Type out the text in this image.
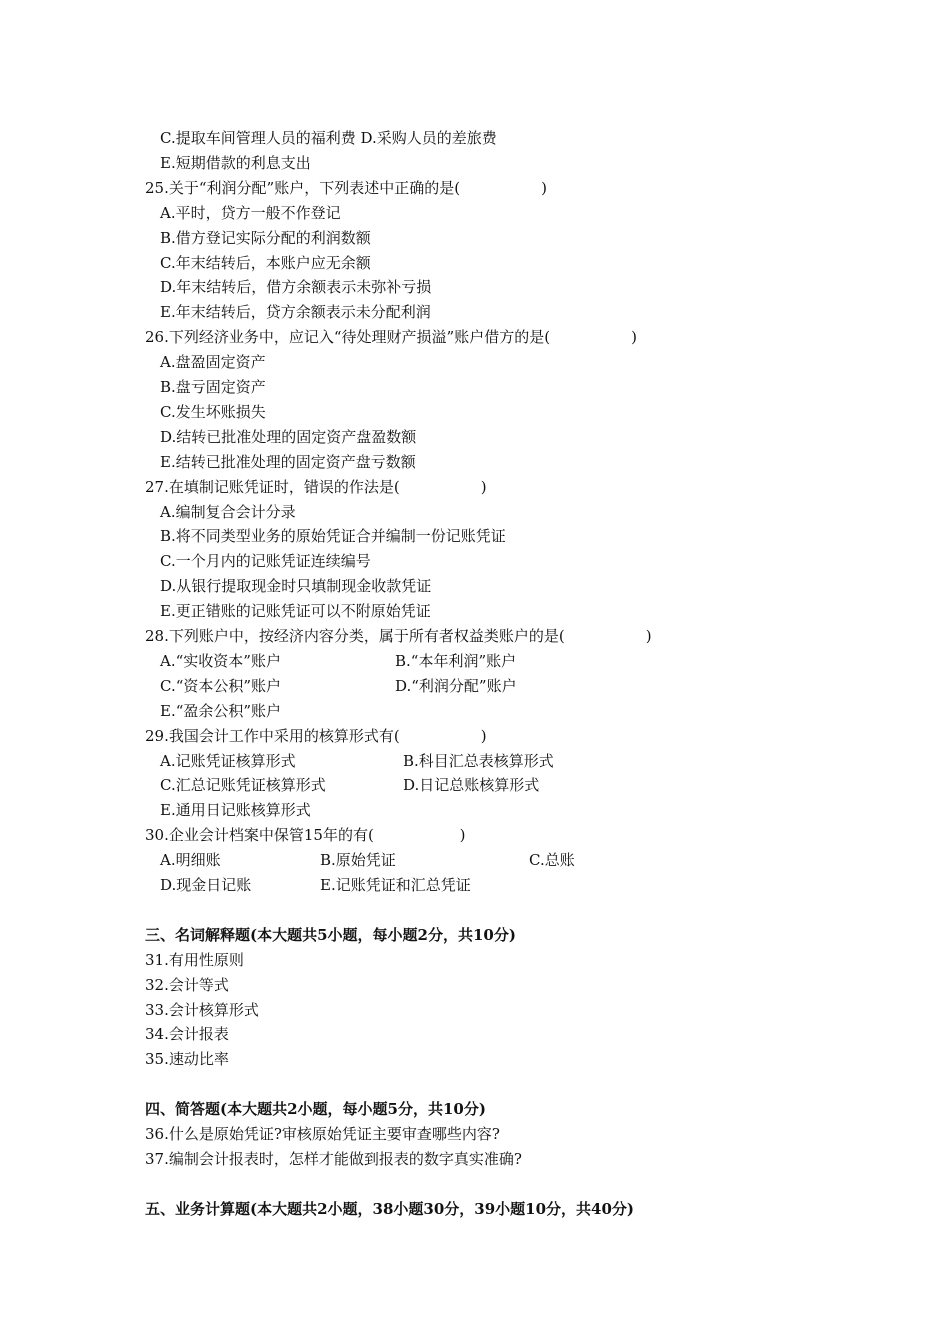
C.提取车间管理人员的福利费 D.采购人员的差旅费
E.短期借款的利息支出
25.关于“利润分配”账户，下列表述中正确的是(                 )
A.平时，贷方一般不作登记
B.借方登记实际分配的利润数额
C.年末结转后，本账户应无余额
D.年末结转后，借方余额表示未弥补亏损
E.年末结转后，贷方余额表示未分配利润
26.下列经济业务中，应记入“待处理财产损溢”账户借方的是(                 )
A.盘盈固定资产
B.盘亏固定资产
C.发生坏账损失
D.结转已批准处理的固定资产盘盈数额
E.结转已批准处理的固定资产盘亏数额
27.在填制记账凭证时，错误的作法是(                 )
A.编制复合会计分录
B.将不同类型业务的原始凭证合并编制一份记账凭证
C.一个月内的记账凭证连续编号
D.从银行提取现金时只填制现金收款凭证
E.更正错账的记账凭证可以不附原始凭证
28.下列账户中，按经济内容分类，属于所有者权益类账户的是(                 )
A.“实收资本”账户	B.“本年利润”账户
C.“资本公积”账户	D.“利润分配”账户
E.“盈余公积”账户
29.我国会计工作中采用的核算形式有(                 )
A.记账凭证核算形式	B.科目汇总表核算形式
C.汇总记账凭证核算形式	D.日记总账核算形式
E.通用日记账核算形式
30.企业会计档案中保管15年的有(                  )
A.明细账	B.原始凭证	C.总账
D.现金日记账	E.记账凭证和汇总凭证
三、名词解释题(本大题共5小题，每小题2分，共10分)
31.有用性原则
32.会计等式
33.会计核算形式
34.会计报表
35.速动比率
四、简答题(本大题共2小题，每小题5分，共10分)
36.什么是原始凭证?审核原始凭证主要审查哪些内容?
37.编制会计报表时，怎样才能做到报表的数字真实准确?
五、业务计算题(本大题共2小题，38小题30分，39小题10分，共40分)
